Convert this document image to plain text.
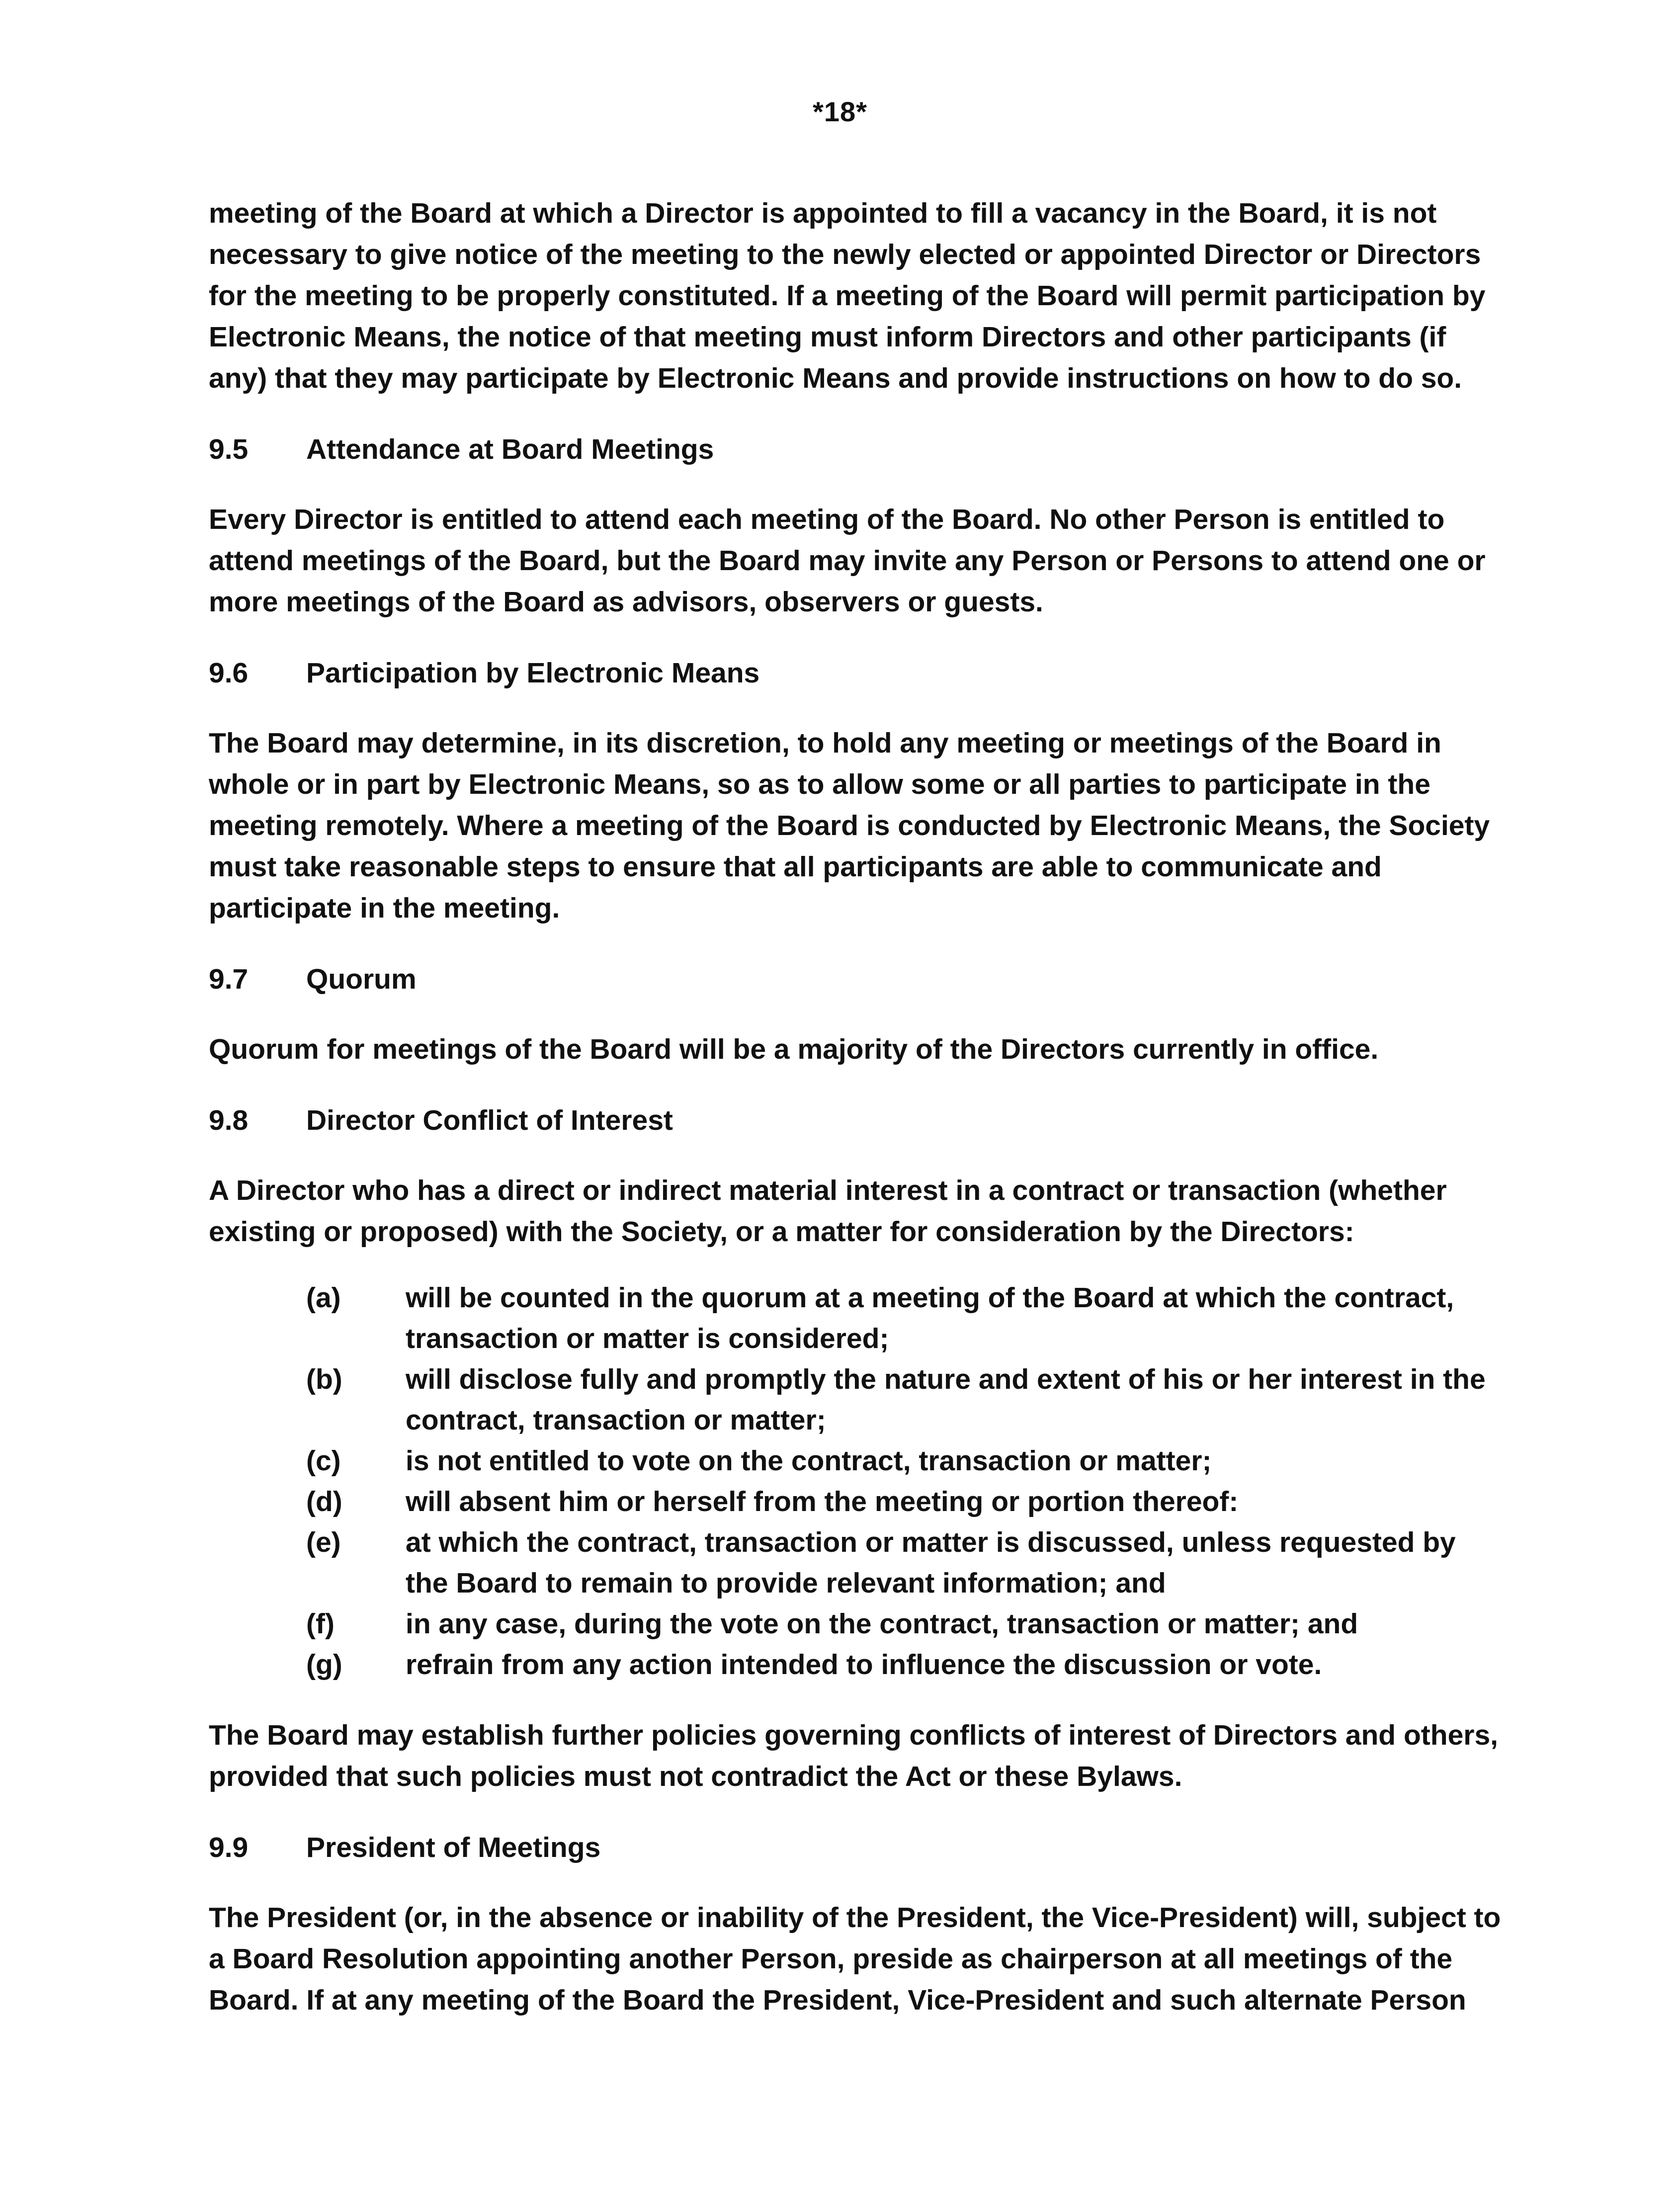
*18*

meeting of the Board at which a Director is appointed to fill a vacancy in the Board, it is not necessary to give notice of the meeting to the newly elected or appointed Director or Directors for the meeting to be properly constituted. If a meeting of the Board will permit participation by Electronic Means, the notice of that meeting must inform Directors and other participants (if any) that they may participate by Electronic Means and provide instructions on how to do so.

9.5	Attendance at Board Meetings

Every Director is entitled to attend each meeting of the Board. No other Person is entitled to attend meetings of the Board, but the Board may invite any Person or Persons to attend one or more meetings of the Board as advisors, observers or guests.

9.6	Participation by Electronic Means

The Board may determine, in its discretion, to hold any meeting or meetings of the Board in whole or in part by Electronic Means, so as to allow some or all parties to participate in the meeting remotely. Where a meeting of the Board is conducted by Electronic Means, the Society must take reasonable steps to ensure that all participants are able to communicate and participate in the meeting.

9.7	Quorum

Quorum for meetings of the Board will be a majority of the Directors currently in office.

9.8	Director Conflict of Interest

A Director who has a direct or indirect material interest in a contract or transaction (whether existing or proposed) with the Society, or a matter for consideration by the Directors:

(a)	will be counted in the quorum at a meeting of the Board at which the contract, transaction or matter is considered;
(b)	will disclose fully and promptly the nature and extent of his or her interest in the contract, transaction or matter;
(c)	is not entitled to vote on the contract, transaction or matter;
(d)	will absent him or herself from the meeting or portion thereof:
(e)	at which the contract, transaction or matter is discussed, unless requested by the Board to remain to provide relevant information; and
(f)	in any case, during the vote on the contract, transaction or matter; and
(g)	refrain from any action intended to influence the discussion or vote.

The Board may establish further policies governing conflicts of interest of Directors and others, provided that such policies must not contradict the Act or these Bylaws.

9.9	President of Meetings

The President (or, in the absence or inability of the President, the Vice-President) will, subject to a Board Resolution appointing another Person, preside as chairperson at all meetings of the Board. If at any meeting of the Board the President, Vice-President and such alternate Person
